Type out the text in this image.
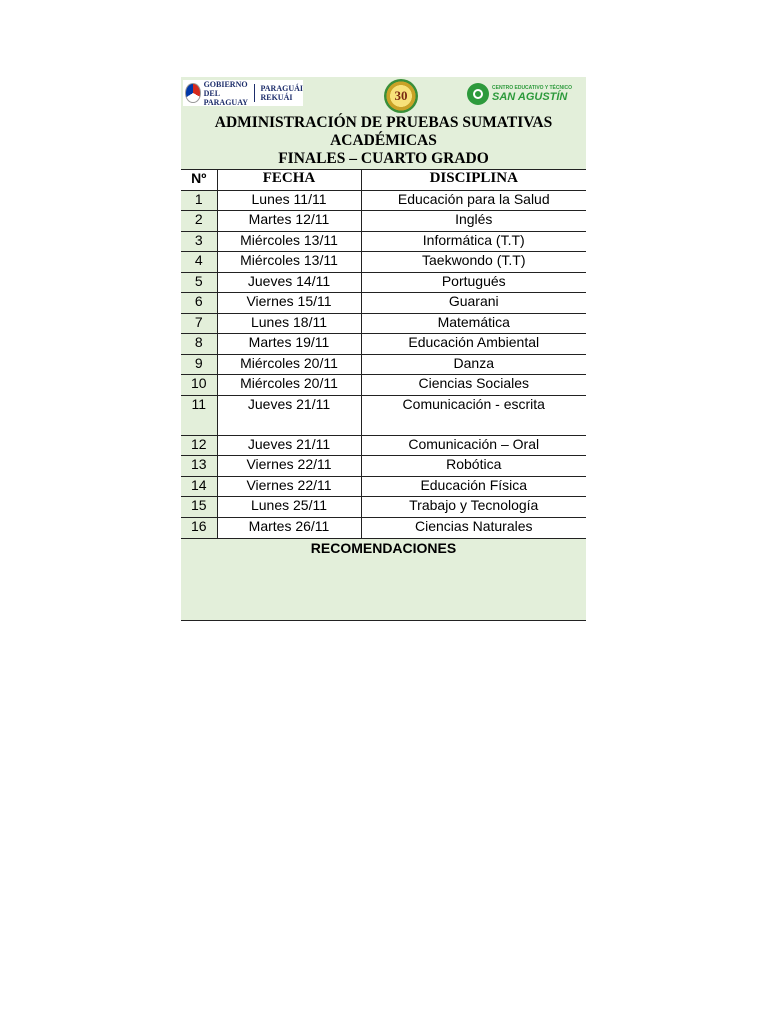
GOBIERNO DEL
PARAGUAY
PARAGUÁI
REKUÁI	30	CENTRO EDUCATIVO Y TÉCNICO
SAN AGUSTÍN
ADMINISTRACIÓN DE PRUEBAS SUMATIVAS
ACADÉMICAS
FINALES – CUARTO GRADO
Nº	FECHA	DISCIPLINA
1	Lunes 11/11	Educación para la Salud
2	Martes 12/11	Inglés
3	Miércoles 13/11	Informática (T.T)
4	Miércoles 13/11	Taekwondo (T.T)
5	Jueves 14/11	Portugués
6	Viernes 15/11	Guarani
7	Lunes 18/11	Matemática
8	Martes 19/11	Educación Ambiental
9	Miércoles 20/11	Danza
10	Miércoles 20/11	Ciencias Sociales
11	Jueves 21/11	Comunicación - escrita
12	Jueves 21/11	Comunicación – Oral
13	Viernes 22/11	Robótica
14	Viernes 22/11	Educación Física
15	Lunes 25/11	Trabajo y Tecnología
16	Martes 26/11	Ciencias Naturales
RECOMENDACIONES
